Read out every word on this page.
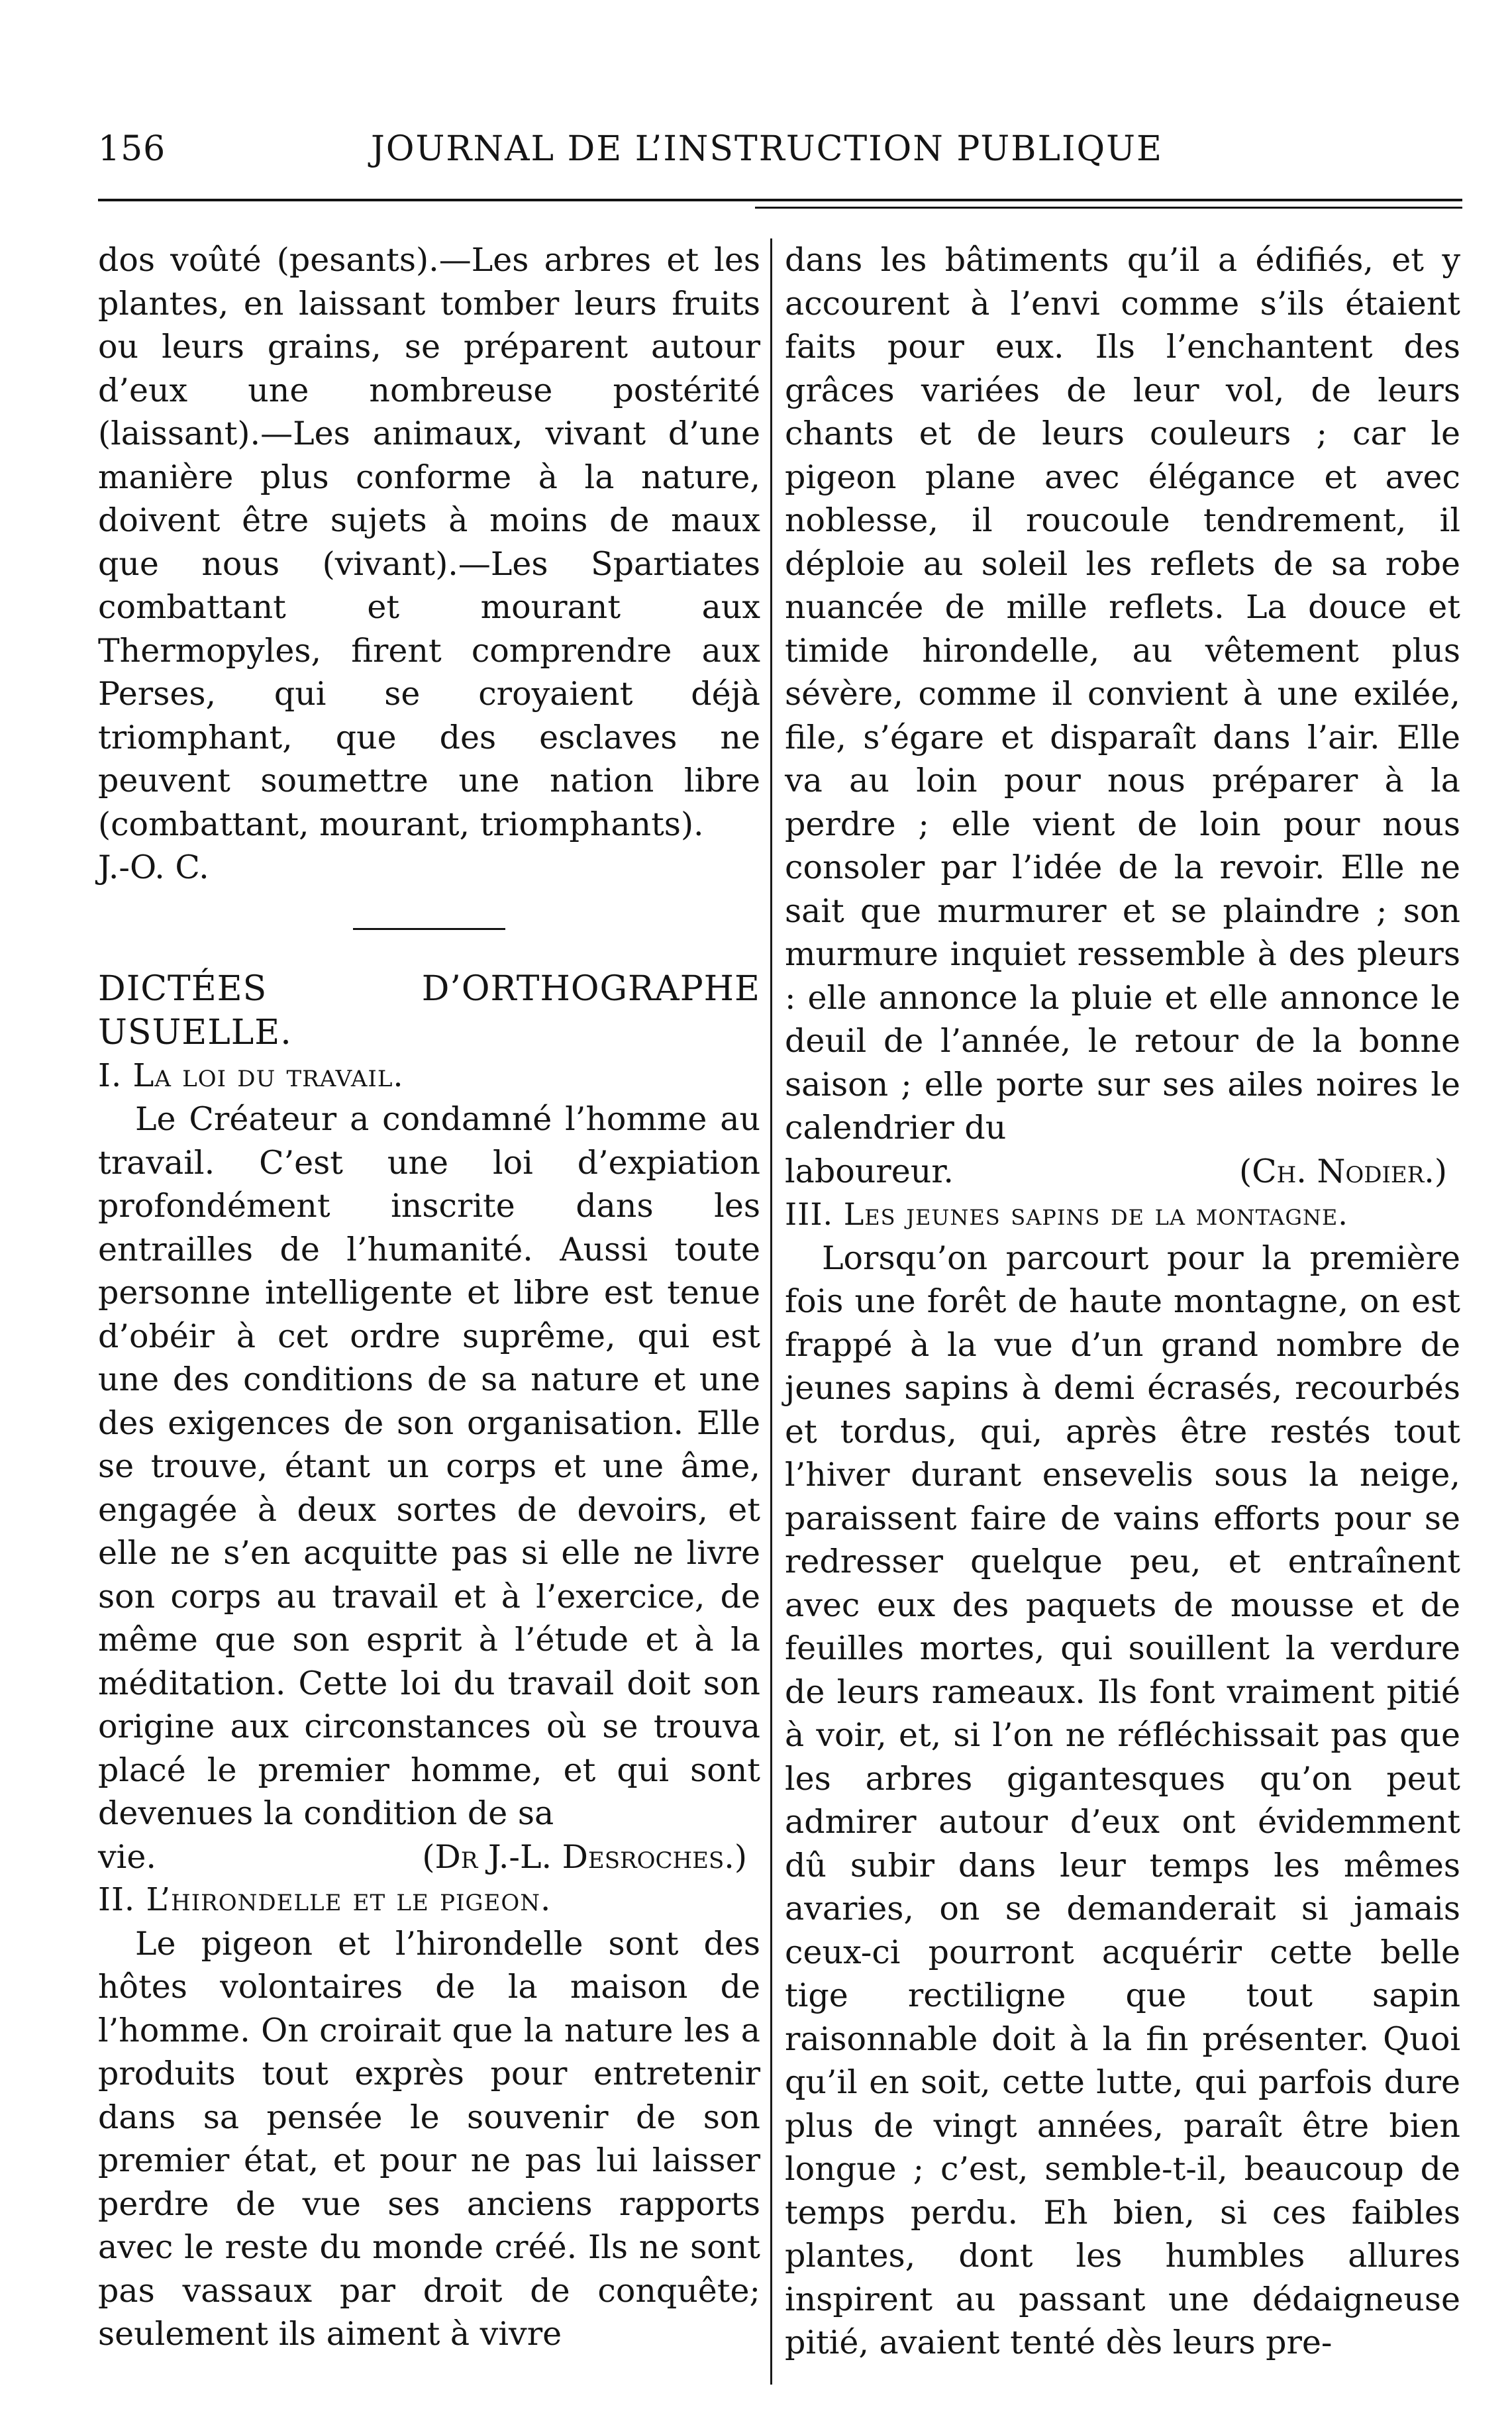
156	JOURNAL DE L’INSTRUCTION PUBLIQUE

dos voûté (pesants).—Les arbres et les plantes, en laissant tomber leurs fruits ou leurs grains, se préparent autour d’eux une nombreuse postérité (laissant).—Les animaux, vivant d’une manière plus conforme à la nature, doivent être sujets à moins de maux que nous (vivant).—Les Spartiates combattant et mourant aux Thermopyles, firent comprendre aux Perses, qui se croyaient déjà triomphant, que des esclaves ne peuvent soumettre une nation libre (combattant, mourant, triomphants).

J.-O. C.

DICTÉES D’ORTHOGRAPHE USUELLE.

I. La loi du travail.

Le Créateur a condamné l’homme au travail. C’est une loi d’expiation profondément inscrite dans les entrailles de l’humanité. Aussi toute personne intelligente et libre est tenue d’obéir à cet ordre suprême, qui est une des conditions de sa nature et une des exigences de son organisation. Elle se trouve, étant un corps et une âme, engagée à deux sortes de devoirs, et elle ne s’en acquitte pas si elle ne livre son corps au travail et à l’exercice, de même que son esprit à l’étude et à la méditation. Cette loi du travail doit son origine aux circonstances où se trouva placé le premier homme, et qui sont devenues la condition de sa

vie.	(Dr J.-L. Desroches.)

II. L’hirondelle et le pigeon.

Le pigeon et l’hirondelle sont des hôtes volontaires de la maison de l’homme. On croirait que la nature les a produits tout exprès pour entretenir dans sa pensée le souvenir de son premier état, et pour ne pas lui laisser perdre de vue ses anciens rapports avec le reste du monde créé. Ils ne sont pas vassaux par droit de conquête; seulement ils aiment à vivre

dans les bâtiments qu’il a édifiés, et y accourent à l’envi comme s’ils étaient faits pour eux. Ils l’enchantent des grâces variées de leur vol, de leurs chants et de leurs couleurs ; car le pigeon plane avec élégance et avec noblesse, il roucoule tendrement, il déploie au soleil les reflets de sa robe nuancée de mille reflets. La douce et timide hirondelle, au vêtement plus sévère, comme il convient à une exilée, file, s’égare et disparaît dans l’air. Elle va au loin pour nous préparer à la perdre ; elle vient de loin pour nous consoler par l’idée de la revoir. Elle ne sait que murmurer et se plaindre ; son murmure inquiet ressemble à des pleurs : elle annonce la pluie et elle annonce le deuil de l’année, le retour de la bonne saison ; elle porte sur ses ailes noires le calendrier du

laboureur.	(Ch. Nodier.)

III. Les jeunes sapins de la montagne.

Lorsqu’on parcourt pour la première fois une forêt de haute montagne, on est frappé à la vue d’un grand nombre de jeunes sapins à demi écrasés, recourbés et tordus, qui, après être restés tout l’hiver durant ensevelis sous la neige, paraissent faire de vains efforts pour se redresser quelque peu, et entraînent avec eux des paquets de mousse et de feuilles mortes, qui souillent la verdure de leurs rameaux. Ils font vraiment pitié à voir, et, si l’on ne réfléchissait pas que les arbres gigantesques qu’on peut admirer autour d’eux ont évidemment dû subir dans leur temps les mêmes avaries, on se demanderait si jamais ceux-ci pourront acquérir cette belle tige rectiligne que tout sapin raisonnable doit à la fin présenter. Quoi qu’il en soit, cette lutte, qui parfois dure plus de vingt années, paraît être bien longue ; c’est, semble-t-il, beaucoup de temps perdu. Eh bien, si ces faibles plantes, dont les humbles allures inspirent au passant une dédaigneuse pitié, avaient tenté dès leurs pre-
